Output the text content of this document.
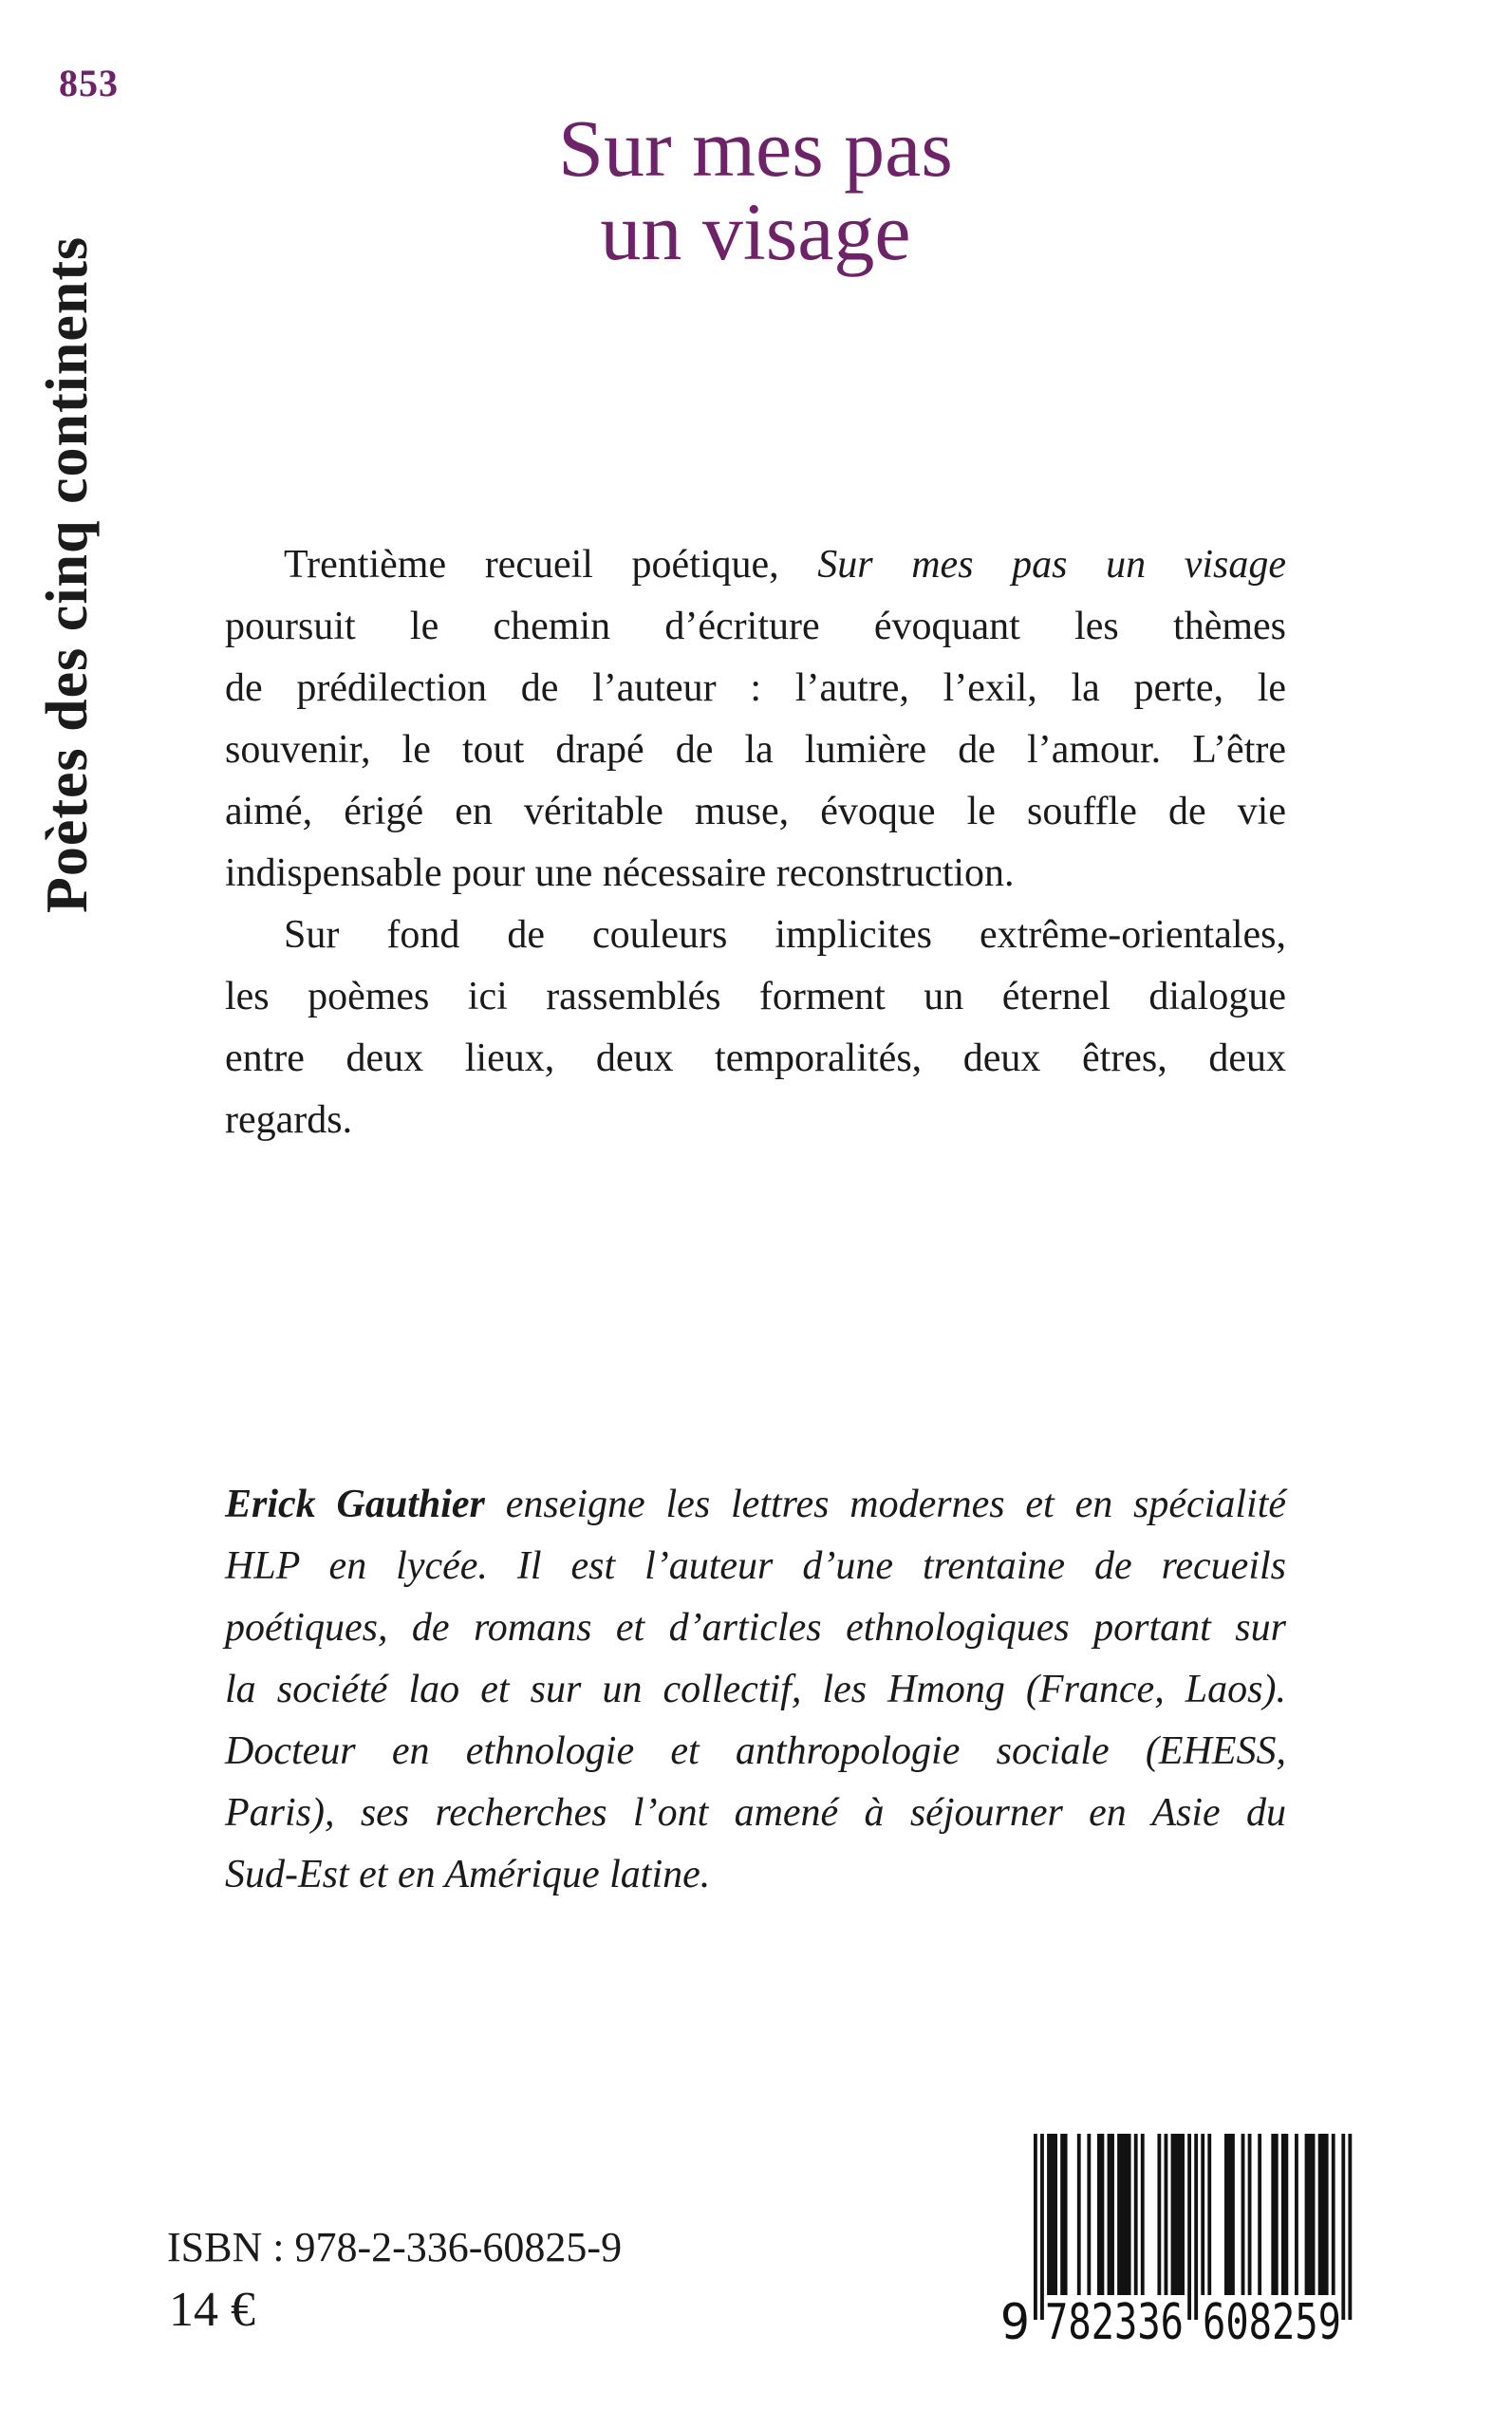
853
Poètes des cinq continents
Sur mes pas
un visage
Trentième recueil poétique, Sur mes pas un visage
poursuit le chemin d’écriture évoquant les thèmes
de prédilection de l’auteur : l’autre, l’exil, la perte, le
souvenir, le tout drapé de la lumière de l’amour. L’être
aimé, érigé en véritable muse, évoque le souffle de vie
indispensable pour une nécessaire reconstruction.
Sur fond de couleurs implicites extrême-orientales,
les poèmes ici rassemblés forment un éternel dialogue
entre deux lieux, deux temporalités, deux êtres, deux
regards.
Erick Gauthier enseigne les lettres modernes et en spécialité
HLP en lycée. Il est l’auteur d’une trentaine de recueils
poétiques, de romans et d’articles ethnologiques portant sur
la société lao et sur un collectif, les Hmong (France, Laos).
Docteur en ethnologie et anthropologie sociale (EHESS,
Paris), ses recherches l’ont amené à séjourner en Asie du
Sud-Est et en Amérique latine.
ISBN : 978-2-336-60825-9
14 €	9 782336 608259
